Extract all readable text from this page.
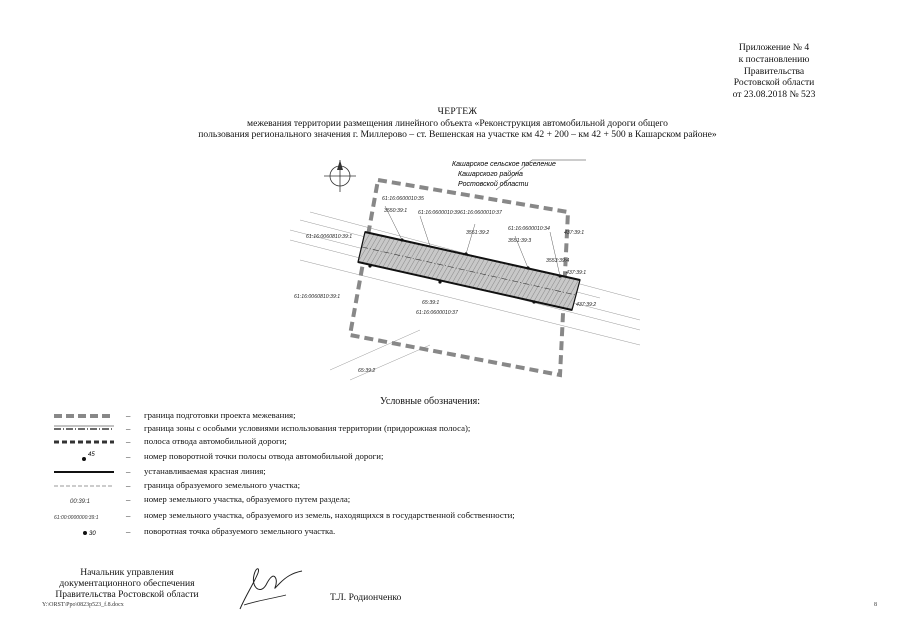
Приложение № 4
к постановлению
Правительства
Ростовской области
от 23.08.2018 № 523
ЧЕРТЕЖ
межевания территории размещения линейного объекта «Реконструкция автомобильной дороги общего
пользования регионального значения г. Миллерово – ст. Вешенская на участке км 42 + 200 – км 42 + 500 в Кашарском районе»
Кашарское сельское поселение
Кашарского района
Ростовской области
61:16:0060810:39:1
61:16:0060810:39:1
61:16:0600010:35
61:16:0600010:39 61:16:0600010:37
61:16:0600010:34
61:16:0600010:37
3550:39:1
3551:39:2
3551:39:3
3553:39:4
437:39:1
437:39:1
437:39:2
65:39:1
65:39:2
Условные обозначения:
– граница подготовки проекта межевания;
– граница зоны с особыми условиями использования территории (придорожная полоса);
– полоса отвода автомобильной дороги;
45	– номер поворотной точки полосы отвода автомобильной дороги;
– устанавливаемая красная линия;
– граница образуемого земельного участка;
00:39:1	– номер земельного участка, образуемого путем раздела;
61:00:0000000:39:1	– номер земельного участка, образуемого из земель, находящихся в государственной собственности;
30	– поворотная точка образуемого земельного участка.
Начальник управления
документационного обеспечения
Правительства Ростовской области	Т.Л. Родионченко
Y:\ORST\Ppo\0823p523_f.8.docx	8
